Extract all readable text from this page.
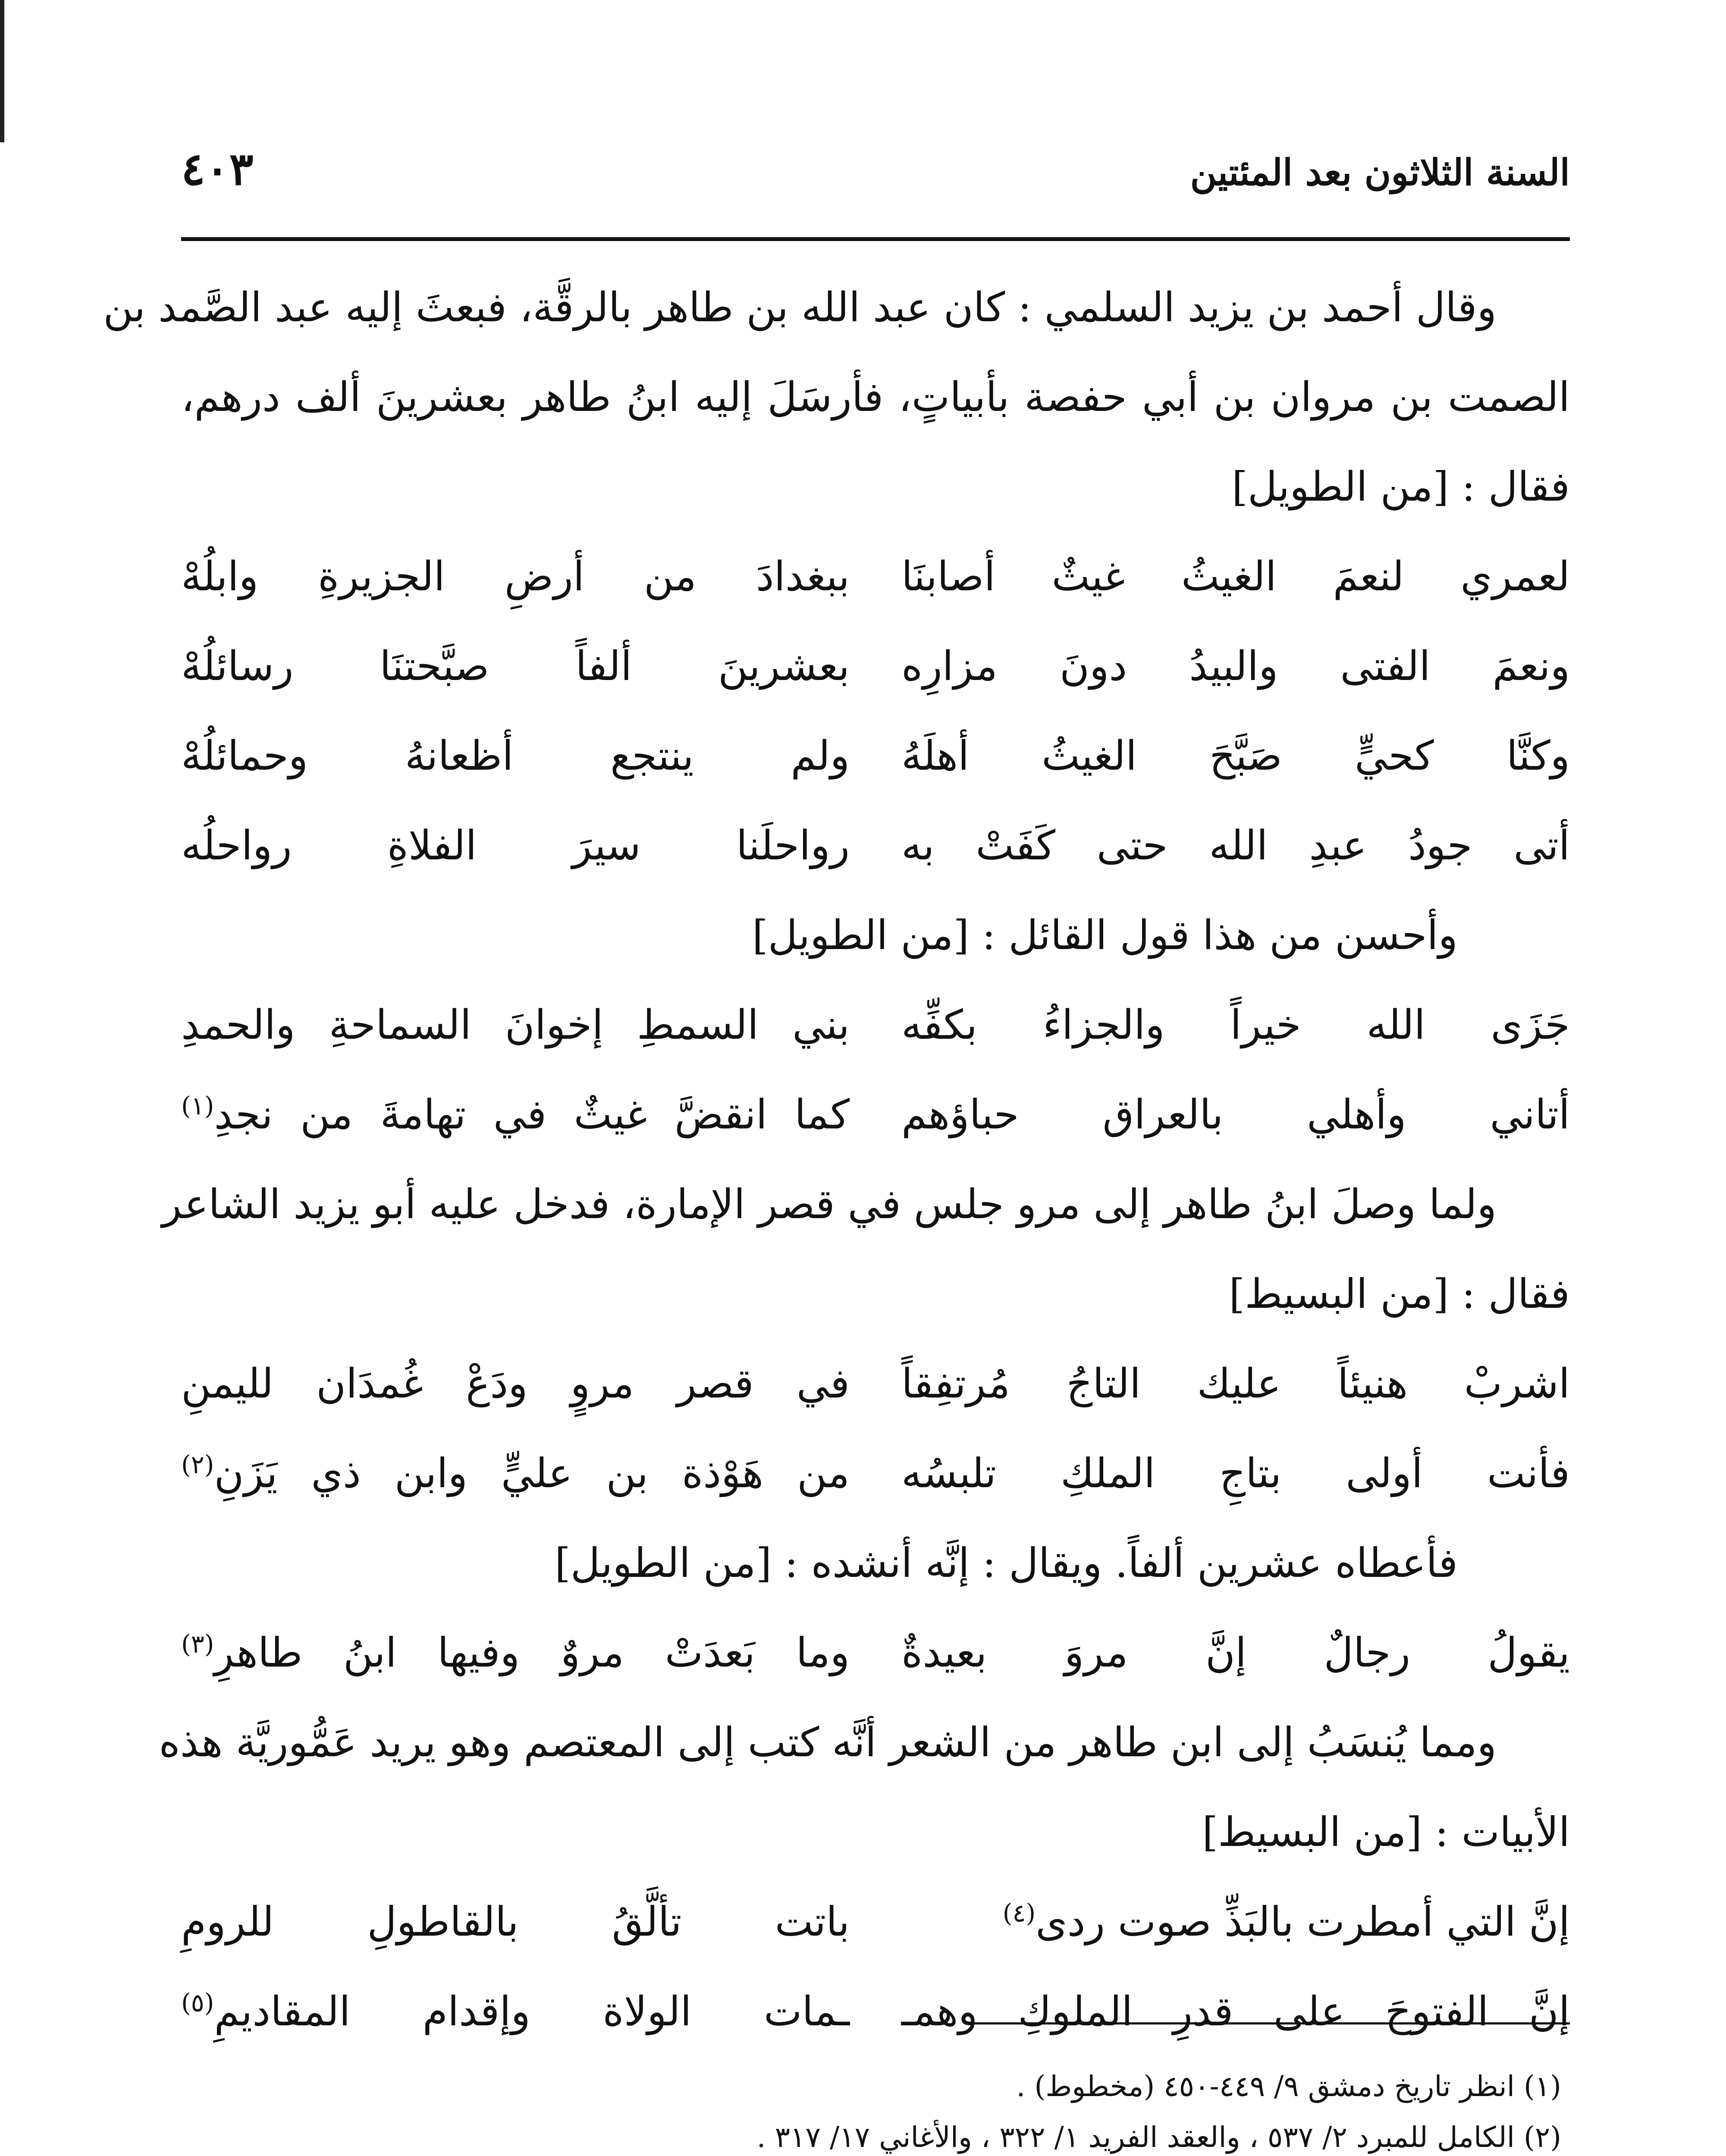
السنة الثلاثون بعد المئتين
٤٠٣
وقال أحمد بن يزيد السلمي : كان عبد الله بن طاهر بالرقَّة، فبعثَ إليه عبد الصَّمد بن
الصمت بن مروان بن أبي حفصة بأبياتٍ، فأرسَلَ إليه ابنُ طاهر بعشرينَ ألف درهم،
فقال : [من الطويل]
لعمري لنعمَ الغيثُ غيثٌ أصابنَا
ببغدادَ من أرضِ الجزيرةِ وابلُهْ
ونعمَ الفتى والبيدُ دونَ مزارِه
بعشرينَ ألفاً صبَّحتنَا رسائلُهْ
وكنَّا كحيٍّ صَبَّحَ الغيثُ أهلَهُ
ولم ينتجع أظعانهُ وحمائلُهْ
أتى جودُ عبدِ الله حتى كَفَتْ به
رواحلَنا سيرَ الفلاةِ رواحلُه
وأحسن من هذا قول القائل : [من الطويل]
جَزَى الله خيراً والجزاءُ بكفِّه
بني السمطِ إخوانَ السماحةِ والحمدِ
أتاني وأهلي بالعراق حباؤهم
كما انقضَّ غيثٌ في تهامةَ من نجدِ$^{(١)}$
ولما وصلَ ابنُ طاهر إلى مرو جلس في قصر الإمارة، فدخل عليه أبو يزيد الشاعر
فقال : [من البسيط]
اشربْ هنيئاً عليك التاجُ مُرتفِقاً
في قصر مروٍ ودَعْ غُمدَان لليمنِ
فأنت أولى بتاجِ الملكِ تلبسُه
من هَوْذة بن عليٍّ وابن ذي يَزَنِ$^{(٢)}$
فأعطاه عشرين ألفاً. ويقال : إنَّه أنشده : [من الطويل]
يقولُ رجالٌ إنَّ مروَ بعيدةٌ
وما بَعدَتْ مروٌ وفيها ابنُ طاهرِ$^{(٣)}$
ومما يُنسَبُ إلى ابن طاهر من الشعر أنَّه كتب إلى المعتصم وهو يريد عَمُّوريَّة هذه
الأبيات : [من البسيط]
إنَّ التي أمطرت بالبَذِّ صوت ردى$^{(٤)}$
باتت تألَّقُ بالقاطولِ للرومِ
إنَّ الفتوحَ على قدرِ الملوكِ وهمـ
ـمات الولاة وإقدام المقاديمِ$^{(٥)}$
(١) انظر تاريخ دمشق ٩/ ٤٤٩-٤٥٠ (مخطوط) .
(٢) الكامل للمبرد ٢/ ٥٣٧ ، والعقد الفريد ١/ ٣٢٢ ، والأغاني ١٧/ ٣١٧ .
